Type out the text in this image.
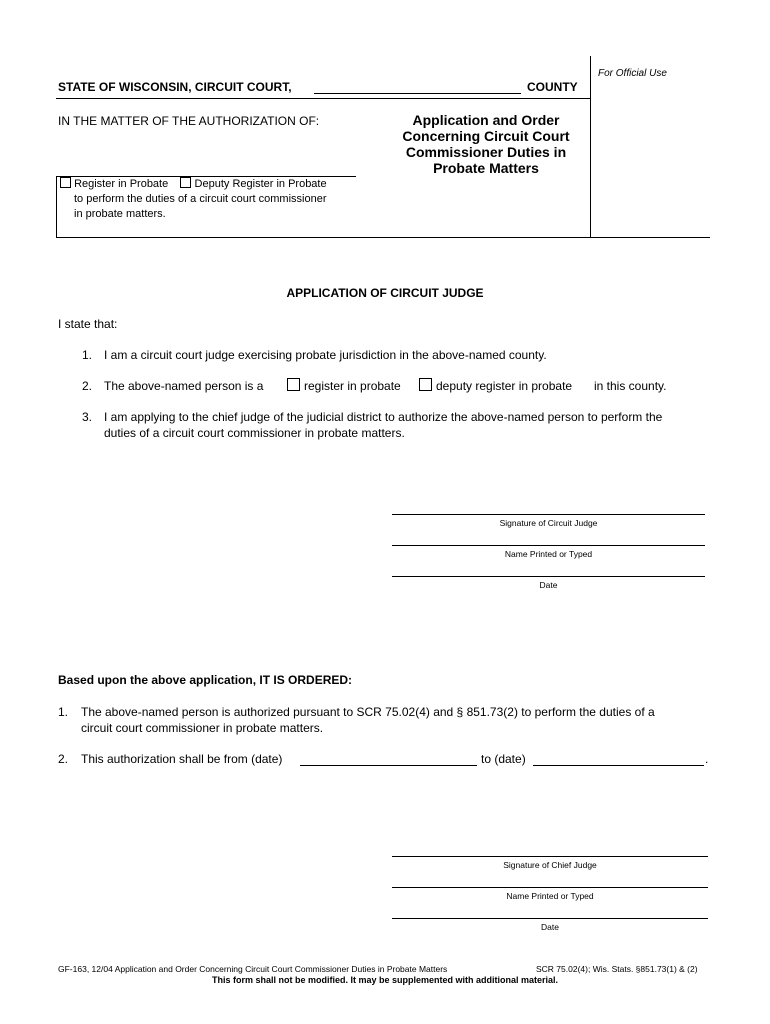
For Official Use
STATE OF WISCONSIN, CIRCUIT COURT,	COUNTY
IN THE MATTER OF THE AUTHORIZATION OF:	Application and Order
Concerning Circuit Court
Commissioner Duties in
Probate Matters
Register in Probate Deputy Register in Probate
to perform the duties of a circuit court commissioner
in probate matters.
APPLICATION OF CIRCUIT JUDGE
I state that:
1. I am a circuit court judge exercising probate jurisdiction in the above-named county.
2. The above-named person is a	register in probate	deputy register in probate in this county.
3. I am applying to the chief judge of the judicial district to authorize the above-named person to perform the
duties of a circuit court commissioner in probate matters.
Signature of Circuit Judge
Name Printed or Typed
Date
Based upon the above application, IT IS ORDERED:
1. The above-named person is authorized pursuant to SCR 75.02(4) and § 851.73(2) to perform the duties of a
circuit court commissioner in probate matters.
2. This authorization shall be from (date)	to (date)	.
Signature of Chief Judge
Name Printed or Typed
Date
GF-163, 12/04 Application and Order Concerning Circuit Court Commissioner Duties in Probate Matters	SCR 75.02(4); Wis. Stats. §851.73(1) & (2)
This form shall not be modified. It may be supplemented with additional material.
